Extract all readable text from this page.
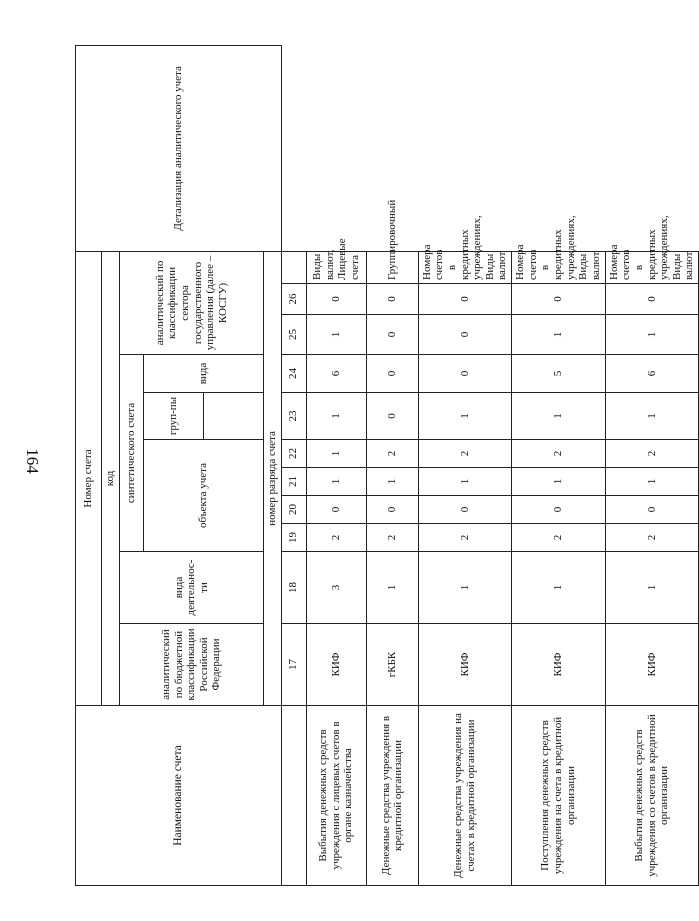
164
Наименование счета	Номер счета											Детализация аналитического учета
	код											
	аналитический по бюджетной классификации Российской Федерации	вида деятельнос-ти	синтетического счета						аналитический по классификации сектора государственного управления (далее – КОСГУ)			
			объекта учета				груп-пы	вида				

	номер разряда счета											
	17	18	19	20	21	22	23	24	25	26		
Выбытия денежных средств учреждения с лицевых счетов в органе казначейства	КИФ	3	2	0	1	1	1	6	1	0	Виды валют, Лицевые счета	
Денежные средства учреждения в кредитной организации	гКБК	1	2	0	1	2	0	0	0	0	Группировочный	
Денежные средства учреждения на счетах в кредитной организации	КИФ	1	2	0	1	2	1	0	0	0	Номера счетов в кредитных учреждениях, Виды валют	
Поступления денежных средств учреждения на счета в кредитной организации	КИФ	1	2	0	1	2	1	5	1	0	Номера счетов в кредитных учреждениях, Виды валют	
Выбытия денежных средств учреждения со счетов в кредитной организации	КИФ	1	2	0	1	2	1	6	1	0	Номера счетов в кредитных учреждениях, Виды валют	
